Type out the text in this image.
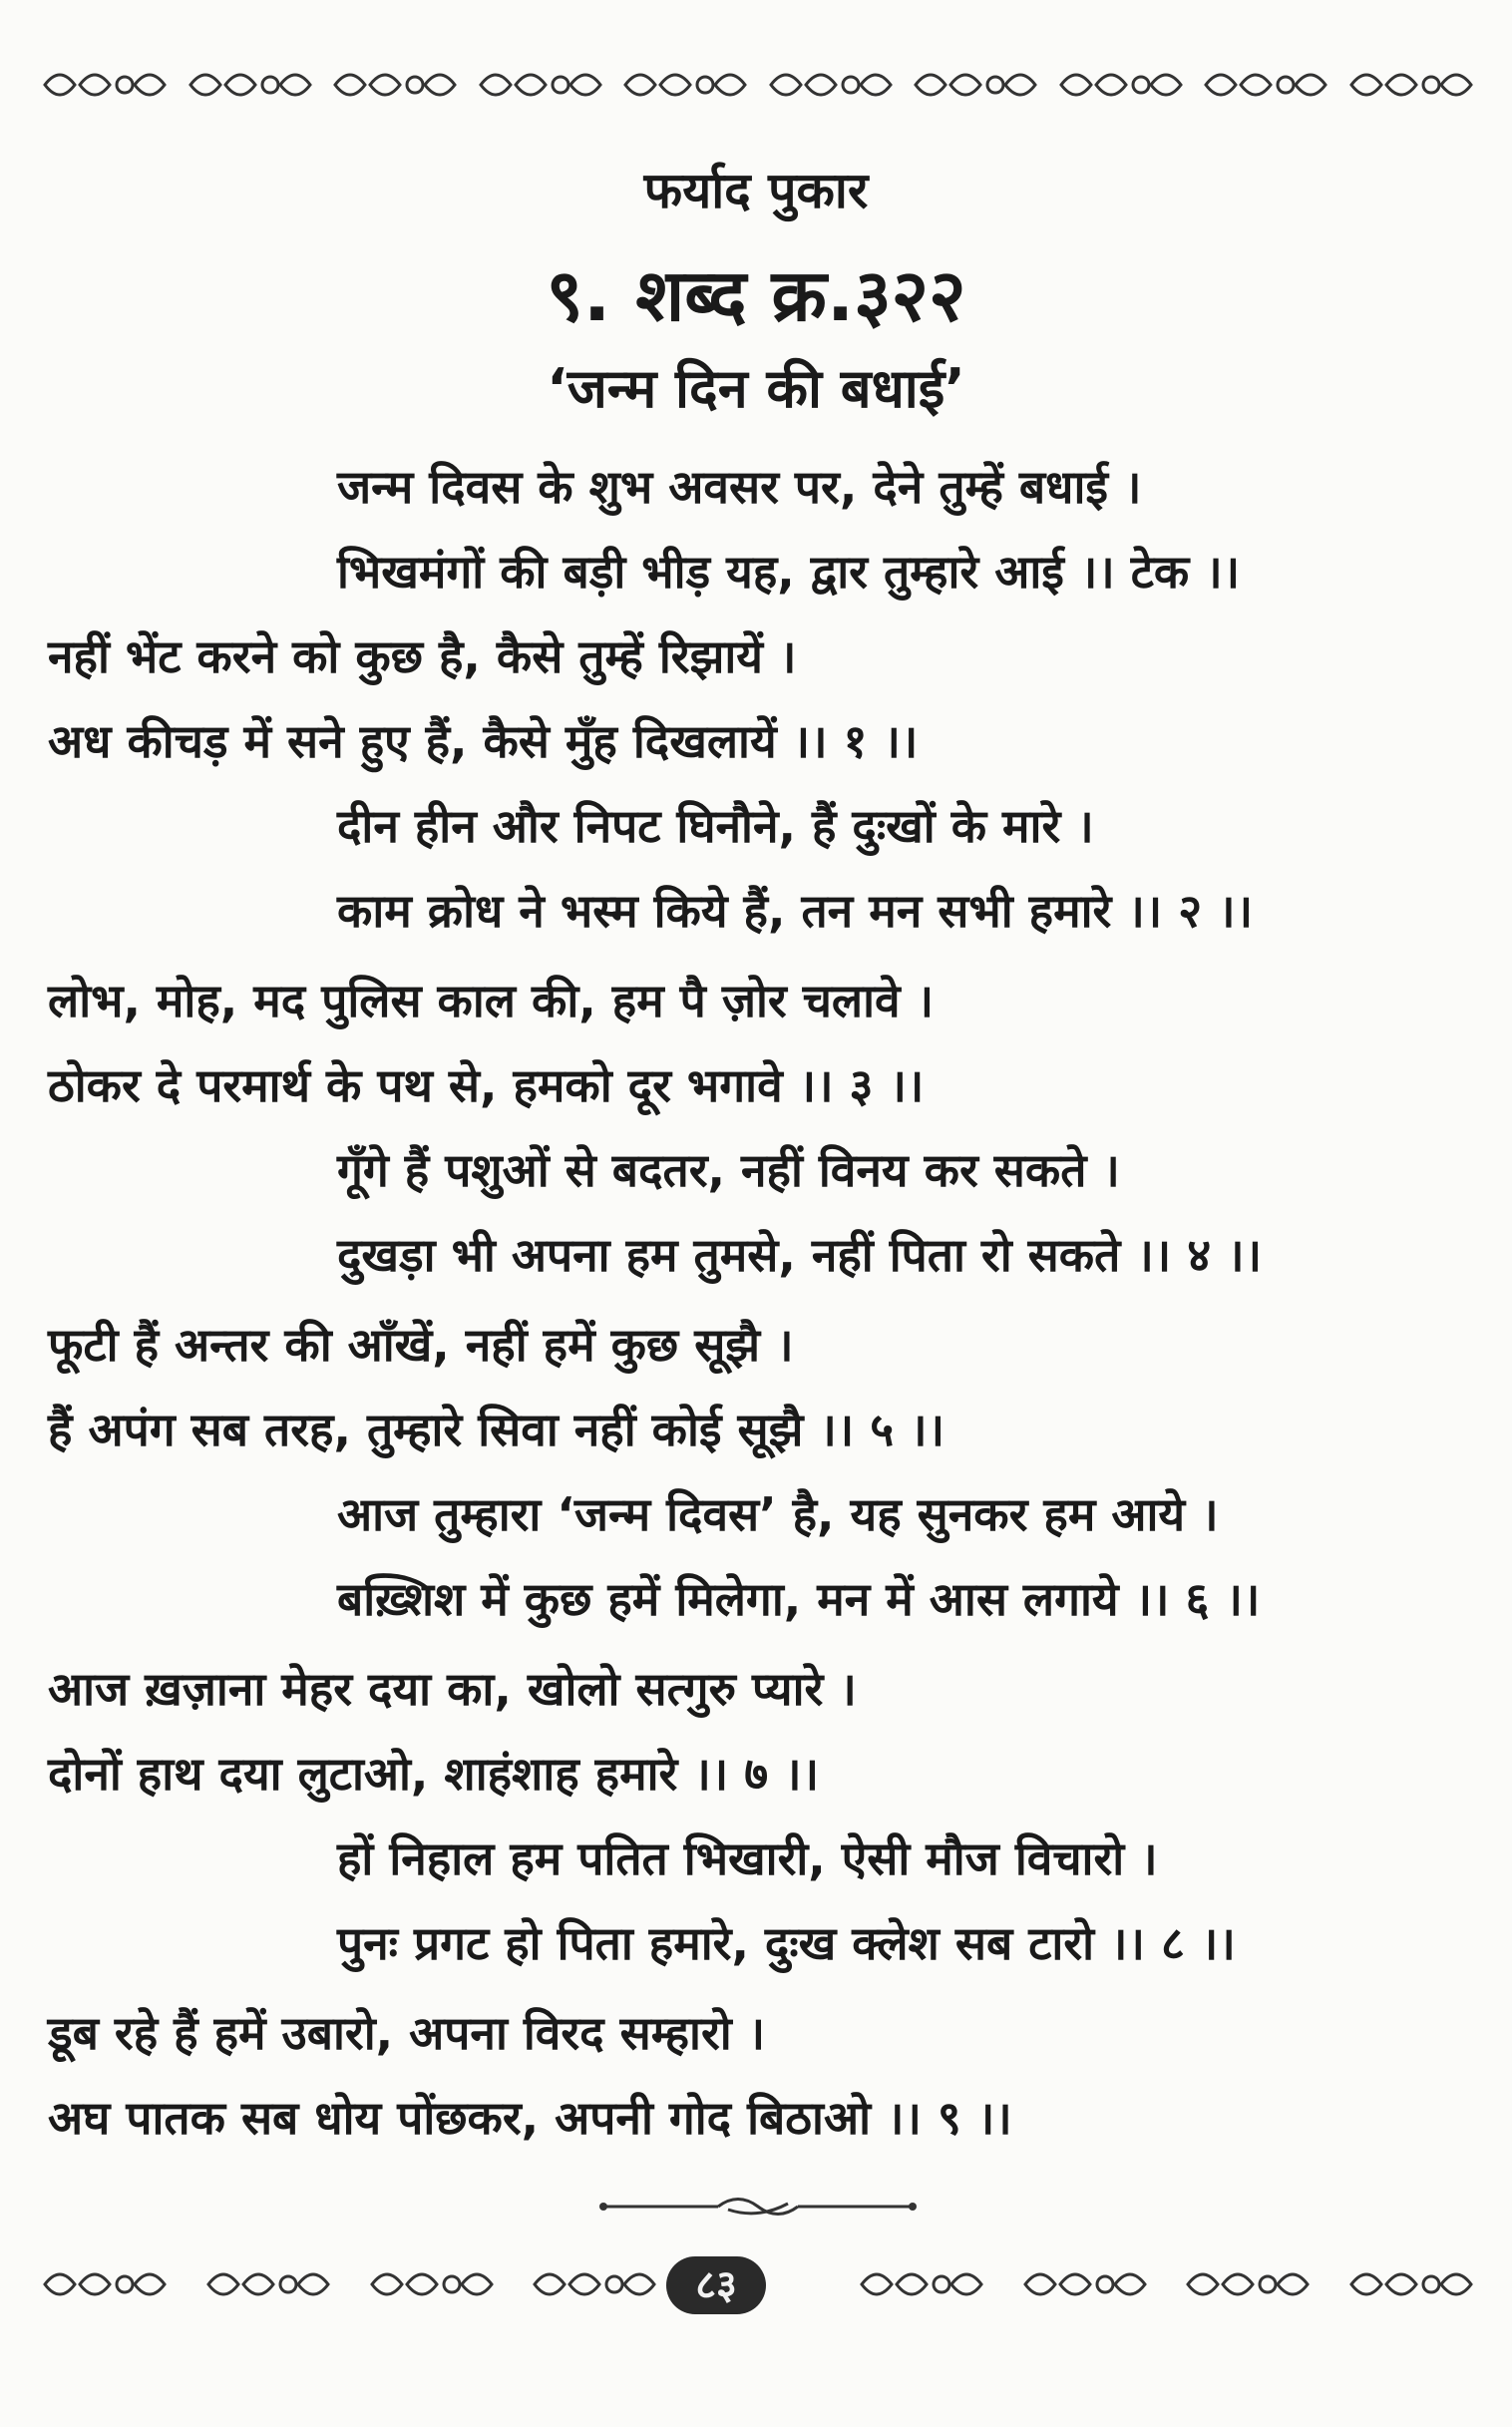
फर्याद पुकार
९. शब्द क्र.३२२
‘जन्म दिन की बधाई’
जन्म दिवस के शुभ अवसर पर, देने तुम्हें बधाई ।
भिखमंगों की बड़ी भीड़ यह, द्वार तुम्हारे आई ।। टेक ।।
नहीं भेंट करने को कुछ है, कैसे तुम्हें रिझायें ।
अध कीचड़ में सने हुए हैं, कैसे मुँह दिखलायें ।। १ ।।
दीन हीन और निपट घिनौने, हैं दुःखों के मारे ।
काम क्रोध ने भस्म किये हैं, तन मन सभी हमारे ।। २ ।।
लोभ, मोह, मद पुलिस काल की, हम पै ज़ोर चलावे ।
ठोकर दे परमार्थ के पथ से, हमको दूर भगावे ।। ३ ।।
गूँगे हैं पशुओं से बदतर, नहीं विनय कर सकते ।
दुखड़ा भी अपना हम तुमसे, नहीं पिता रो सकते ।। ४ ।।
फूटी हैं अन्तर की आँखें, नहीं हमें कुछ सूझै ।
हैं अपंग सब तरह, तुम्हारे सिवा नहीं कोई सूझै ।। ५ ।।
आज तुम्हारा ‘जन्म दिवस’ है, यह सुनकर हम आये ।
बख़्शिश में कुछ हमें मिलेगा, मन में आस लगाये ।। ६ ।।
आज ख़ज़ाना मेहर दया का, खोलो सत्गुरु प्यारे ।
दोनों हाथ दया लुटाओ, शाहंशाह हमारे ।। ७ ।।
हों निहाल हम पतित भिखारी, ऐसी मौज विचारो ।
पुनः प्रगट हो पिता हमारे, दुःख क्लेश सब टारो ।। ८ ।।
डूब रहे हैं हमें उबारो, अपना विरद सम्हारो ।
अघ पातक सब धोय पोंछकर, अपनी गोद बिठाओ ।। ९ ।।
८३
